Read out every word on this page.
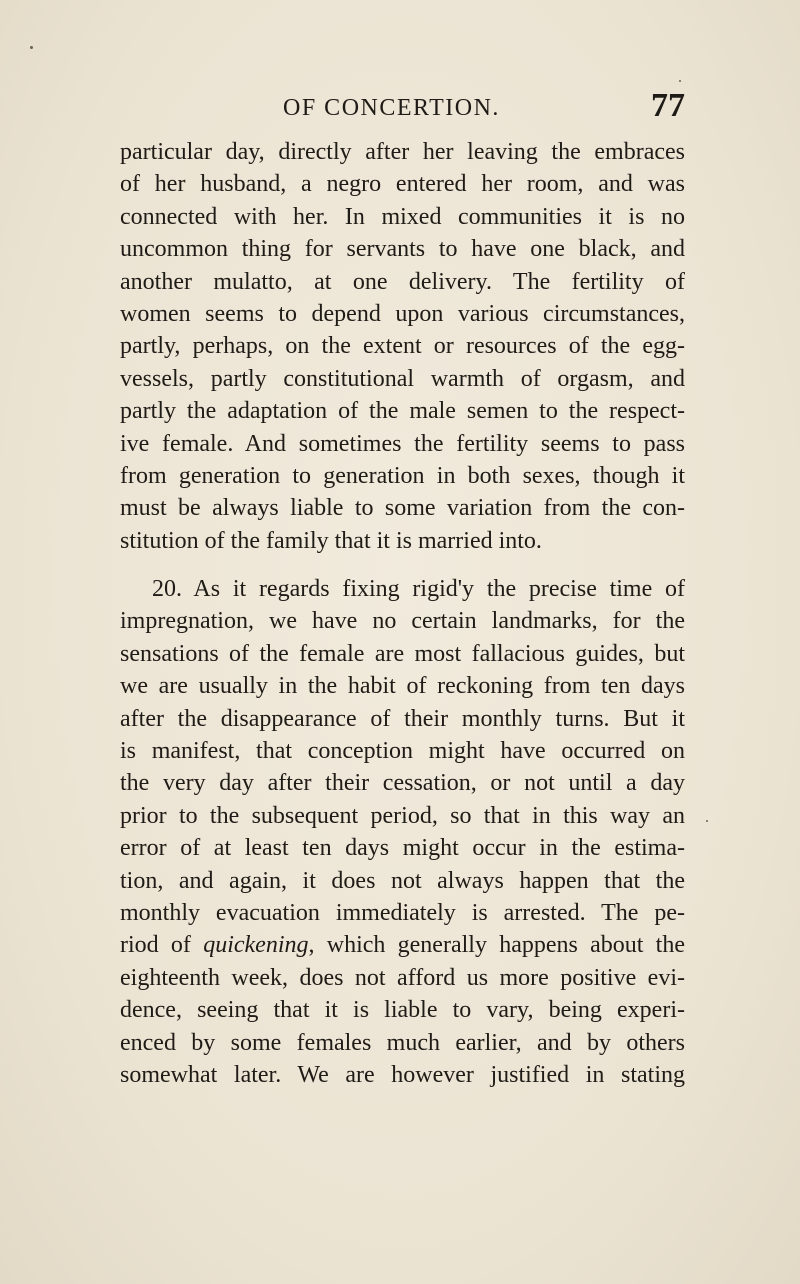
OF CONCERTION.	77
particular day, directly after her leaving the embraces
of her husband, a negro entered her room, and was
connected with her. In mixed communities it is no
uncommon thing for servants to have one black, and
another mulatto, at one delivery. The fertility of
women seems to depend upon various circumstances,
partly, perhaps, on the extent or resources of the egg-
vessels, partly constitutional warmth of orgasm, and
partly the adaptation of the male semen to the respect-
ive female. And sometimes the fertility seems to pass
from generation to generation in both sexes, though it
must be always liable to some variation from the con-
stitution of the family that it is married into.
20. As it regards fixing rigid'y the precise time of
impregnation, we have no certain landmarks, for the
sensations of the female are most fallacious guides, but
we are usually in the habit of reckoning from ten days
after the disappearance of their monthly turns. But it
is manifest, that conception might have occurred on
the very day after their cessation, or not until a day
prior to the subsequent period, so that in this way an
error of at least ten days might occur in the estima-
tion, and again, it does not always happen that the
monthly evacuation immediately is arrested. The pe-
riod of quickening, which generally happens about the
eighteenth week, does not afford us more positive evi-
dence, seeing that it is liable to vary, being experi-
enced by some females much earlier, and by others
somewhat later. We are however justified in stating
